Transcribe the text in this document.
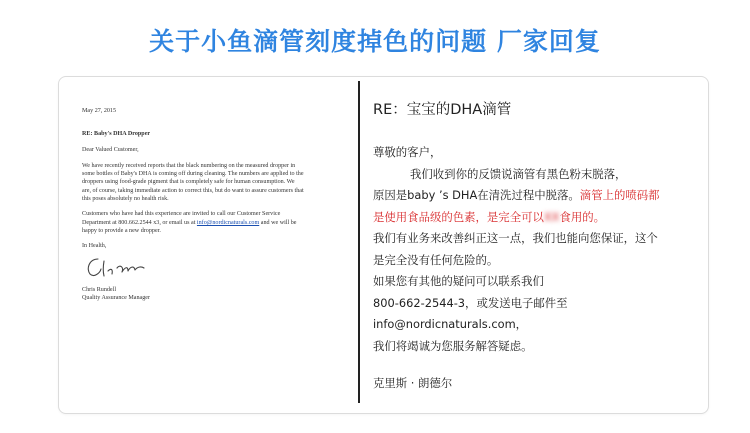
关于小鱼滴管刻度掉色的问题 厂家回复

May 27, 2015

RE: Baby's DHA Dropper

Dear Valued Customer,

We have recently received reports that the black numbering on the measured dropper in

some bottles of Baby's DHA is coming off during cleaning. The numbers are applied to the

droppers using food-grade pigment that is completely safe for human consumption. We

are, of course, taking immediate action to correct this, but do want to assure customers that

this poses absolutely no health risk.

Customers who have had this experience are invited to call our Customer Service

Department at 800.662.2544 x3, or email us at info@nordicnaturals.com and we will be

happy to provide a new dropper.

In Health,

Chris Rundell

Quality Assurance Manager

RE：宝宝的DHA滴管

尊敬的客户，

我们收到你的反馈说滴管有黑色粉末脱落，

原因是baby ’s DHA在清洗过程中脱落。滴管上的喷码都

是使用食品级的色素，是完全可以XX食用的。

我们有业务来改善纠正这一点，我们也能向您保证，这个

是完全没有任何危险的。

如果您有其他的疑问可以联系我们

800-662-2544-3，或发送电子邮件至

info@nordicnaturals.com，

我们将竭诚为您服务解答疑虑。

克里斯 · 朗德尔
